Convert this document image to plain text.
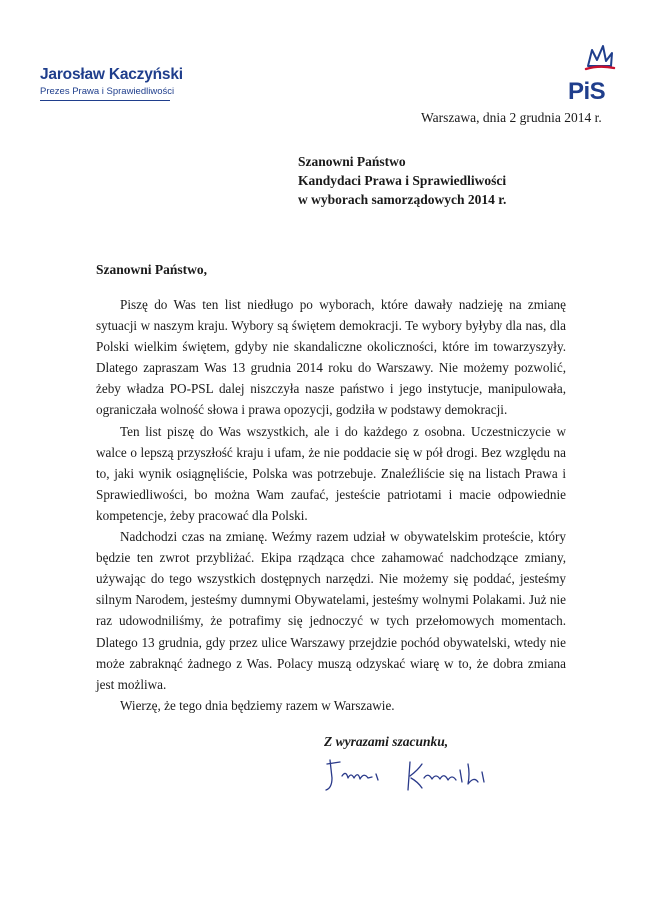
Jarosław Kaczyński
Prezes Prawa i Sprawiedliwości	PiS
Warszawa, dnia 2 grudnia 2014 r.
Szanowni Państwo
Kandydaci Prawa i Sprawiedliwości
w wyborach samorządowych 2014 r.
Szanowni Państwo,

Piszę do Was ten list niedługo po wyborach, które dawały nadzieję na zmianę sytuacji w naszym kraju. Wybory są świętem demokracji. Te wybory byłyby dla nas, dla Polski wielkim świętem, gdyby nie skandaliczne okoliczności, które im towarzyszyły. Dlatego zapraszam Was 13 grudnia 2014 roku do Warszawy. Nie możemy pozwolić, żeby władza PO-PSL dalej niszczyła nasze państwo i jego instytucje, manipulowała, ograniczała wolność słowa i prawa opozycji, godziła w podstawy demokracji.

Ten list piszę do Was wszystkich, ale i do każdego z osobna. Uczestniczycie w walce o lepszą przyszłość kraju i ufam, że nie poddacie się w pół drogi. Bez względu na to, jaki wynik osiągnęliście, Polska was potrzebuje. Znaleźliście się na listach Prawa i Sprawiedliwości, bo można Wam zaufać, jesteście patriotami i macie odpowiednie kompetencje, żeby pracować dla Polski.

Nadchodzi czas na zmianę. Weźmy razem udział w obywatelskim proteście, który będzie ten zwrot przybliżać. Ekipa rządząca chce zahamować nadchodzące zmiany, używając do tego wszystkich dostępnych narzędzi. Nie możemy się poddać, jesteśmy silnym Narodem, jesteśmy dumnymi Obywatelami, jesteśmy wolnymi Polakami. Już nie raz udowodniliśmy, że potrafimy się jednoczyć w tych przełomowych momentach. Dlatego 13 grudnia, gdy przez ulice Warszawy przejdzie pochód obywatelski, wtedy nie może zabraknąć żadnego z Was. Polacy muszą odzyskać wiarę w to, że dobra zmiana jest możliwa.

Wierzę, że tego dnia będziemy razem w Warszawie.

Z wyrazami szacunku,
